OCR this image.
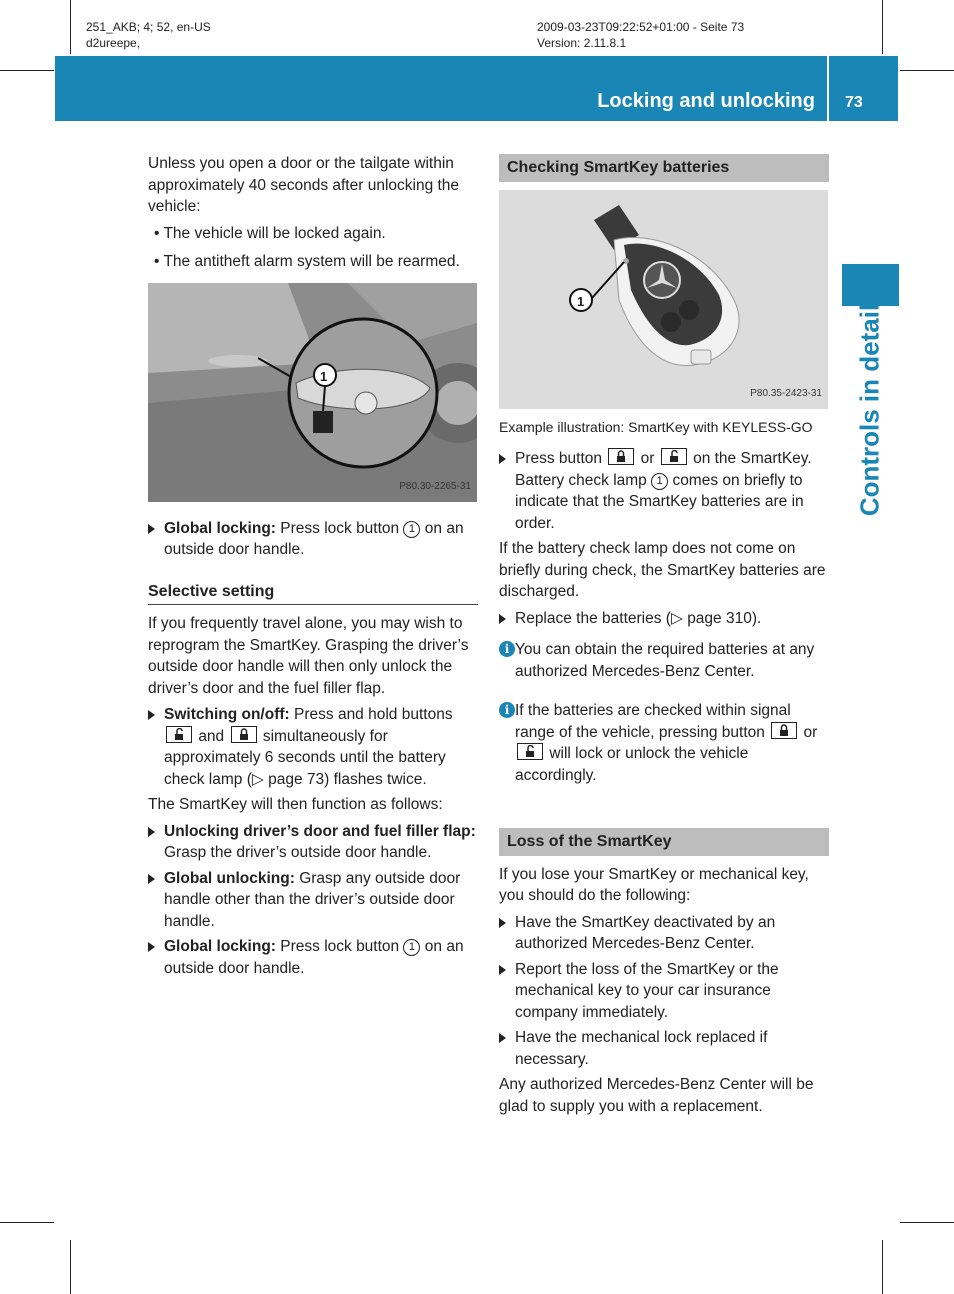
251_AKB; 4; 52, en-US
d2ureepe,
2009-03-23T09:22:52+01:00 - Seite 73
Version: 2.11.8.1
Locking and unlocking 73
Controls in detail

Unless you open a door or the tailgate within approximately 40 seconds after unlocking the vehicle:

• The vehicle will be locked again.
• The antitheft alarm system will be rearmed.
1
P80.30-2265-31
Global locking: Press lock button 1 on an outside door handle.
Selective setting

If you frequently travel alone, you may wish to reprogram the SmartKey. Grasping the driver’s outside door handle will then only unlock the driver’s door and the fuel filler flap.

Switching on/off: Press and hold buttons
and simultaneously for approximately 6 seconds until the battery check lamp (▷ page 73) flashes twice.

The SmartKey will then function as follows:

Unlocking driver’s door and fuel filler flap: Grasp the driver’s outside door handle.
Global unlocking: Grasp any outside door handle other than the driver’s outside door handle.
Global locking: Press lock button 1 on an outside door handle.
Checking SmartKey batteries
1
P80.35-2423-31

Example illustration: SmartKey with KEYLESS-GO

Press button or on the SmartKey.
Battery check lamp 1 comes on briefly to indicate that the SmartKey batteries are in order.

If the battery check lamp does not come on briefly during check, the SmartKey batteries are discharged.

Replace the batteries (▷ page 310).
i You can obtain the required batteries at any authorized Mercedes-Benz Center.
i If the batteries are checked within signal range of the vehicle, pressing button or
will lock or unlock the vehicle accordingly.
Loss of the SmartKey

If you lose your SmartKey or mechanical key, you should do the following:

Have the SmartKey deactivated by an authorized Mercedes-Benz Center.
Report the loss of the SmartKey or the mechanical key to your car insurance company immediately.
Have the mechanical lock replaced if necessary.

Any authorized Mercedes-Benz Center will be glad to supply you with a replacement.
